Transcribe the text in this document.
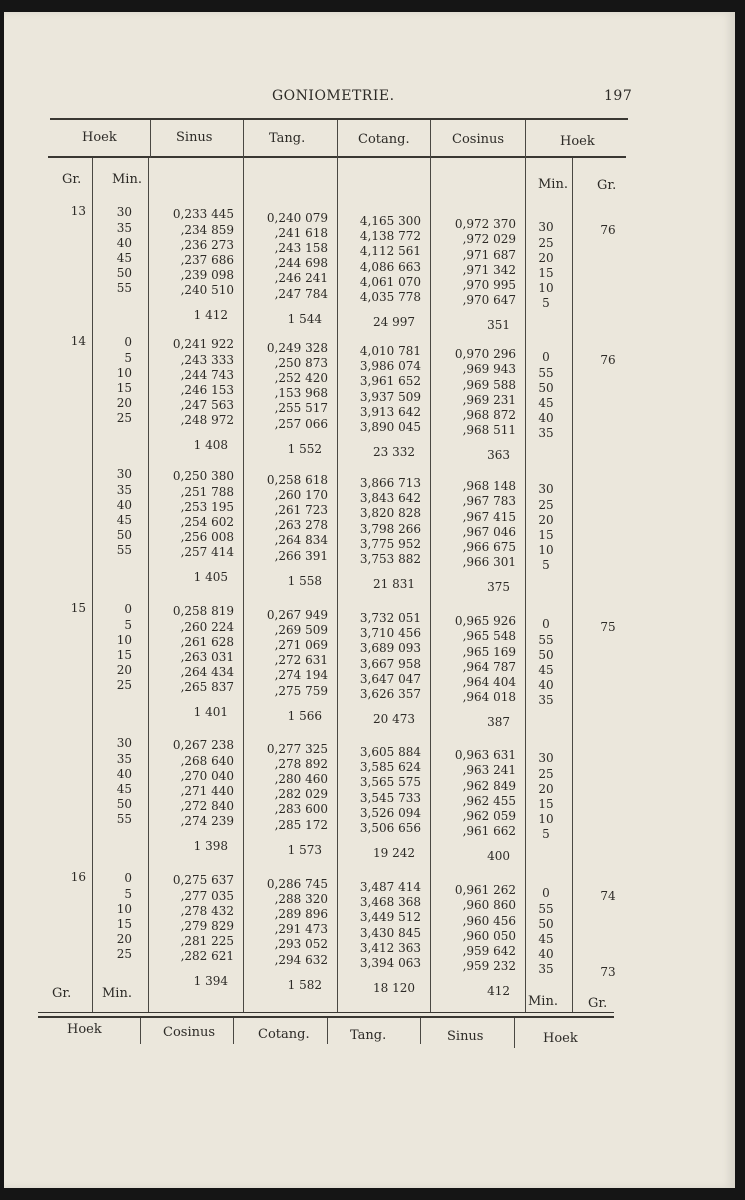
GONIOMETRIE.	197
Hoek	Sinus	Tang.	Cotang.	Cosinus	Hoek
Gr. Min.	Min. Gr.
13	30	0,233 445	0,240 079	4,165 300	0,972 370	30	76
35	,234 859	,241 618	4,138 772	,972 029	25
40	,236 273	,243 158	4,112 561	,971 687	20
45	,237 686	,244 698	4,086 663	,971 342	15
50	,239 098	,246 241	4,061 070	,970 995	10
55	,240 510	,247 784	4,035 778	,970 647	5
1 412	1 544	24 997	351
14	0	0,241 922	0,249 328	4,010 781	0,970 296	0	76
5	,243 333	,250 873	3,986 074	,969 943	55
10	,244 743	,252 420	3,961 652	,969 588	50
15	,246 153	,153 968	3,937 509	,969 231	45
20	,247 563	,255 517	3,913 642	,968 872	40
25	,248 972	,257 066	3,890 045	,968 511	35
1 408	1 552	23 332	363
30	0,250 380	0,258 618	3,866 713	,968 148	30
35	,251 788	,260 170	3,843 642	,967 783	25
40	,253 195	,261 723	3,820 828	,967 415	20
45	,254 602	,263 278	3,798 266	,967 046	15
50	,256 008	,264 834	3,775 952	,966 675	10
55	,257 414	,266 391	3,753 882	,966 301	5
1 405	1 558	21 831	375
15	0	0,258 819	0,267 949	3,732 051	0,965 926	0	75
5	,260 224	,269 509	3,710 456	,965 548	55
10	,261 628	,271 069	3,689 093	,965 169	50
15	,263 031	,272 631	3,667 958	,964 787	45
20	,264 434	,274 194	3,647 047	,964 404	40
25	,265 837	,275 759	3,626 357	,964 018	35
1 401	1 566	20 473	387
30	0,267 238	0,277 325	3,605 884	0,963 631	30
35	,268 640	,278 892	3,585 624	,963 241	25
40	,270 040	,280 460	3,565 575	,962 849	20
45	,271 440	,282 029	3,545 733	,962 455	15
50	,272 840	,283 600	3,526 094	,962 059	10
55	,274 239	,285 172	3,506 656	,961 662	5
1 398	1 573	19 242	400
16	0	0,275 637	0,286 745	3,487 414	0,961 262	0	74
5	,277 035	,288 320	3,468 368	,960 860	55
10	,278 432	,289 896	3,449 512	,960 456	50
15	,279 829	,291 473	3,430 845	,960 050	45
20	,281 225	,293 052	3,412 363	,959 642	40
25	,282 621	,294 632	3,394 063	,959 232	35	73
1 394	1 582	18 120	412
Gr. Min.
Min. Gr.
Hoek	Cosinus	Cotang.	Tang.	Sinus	Hoek
